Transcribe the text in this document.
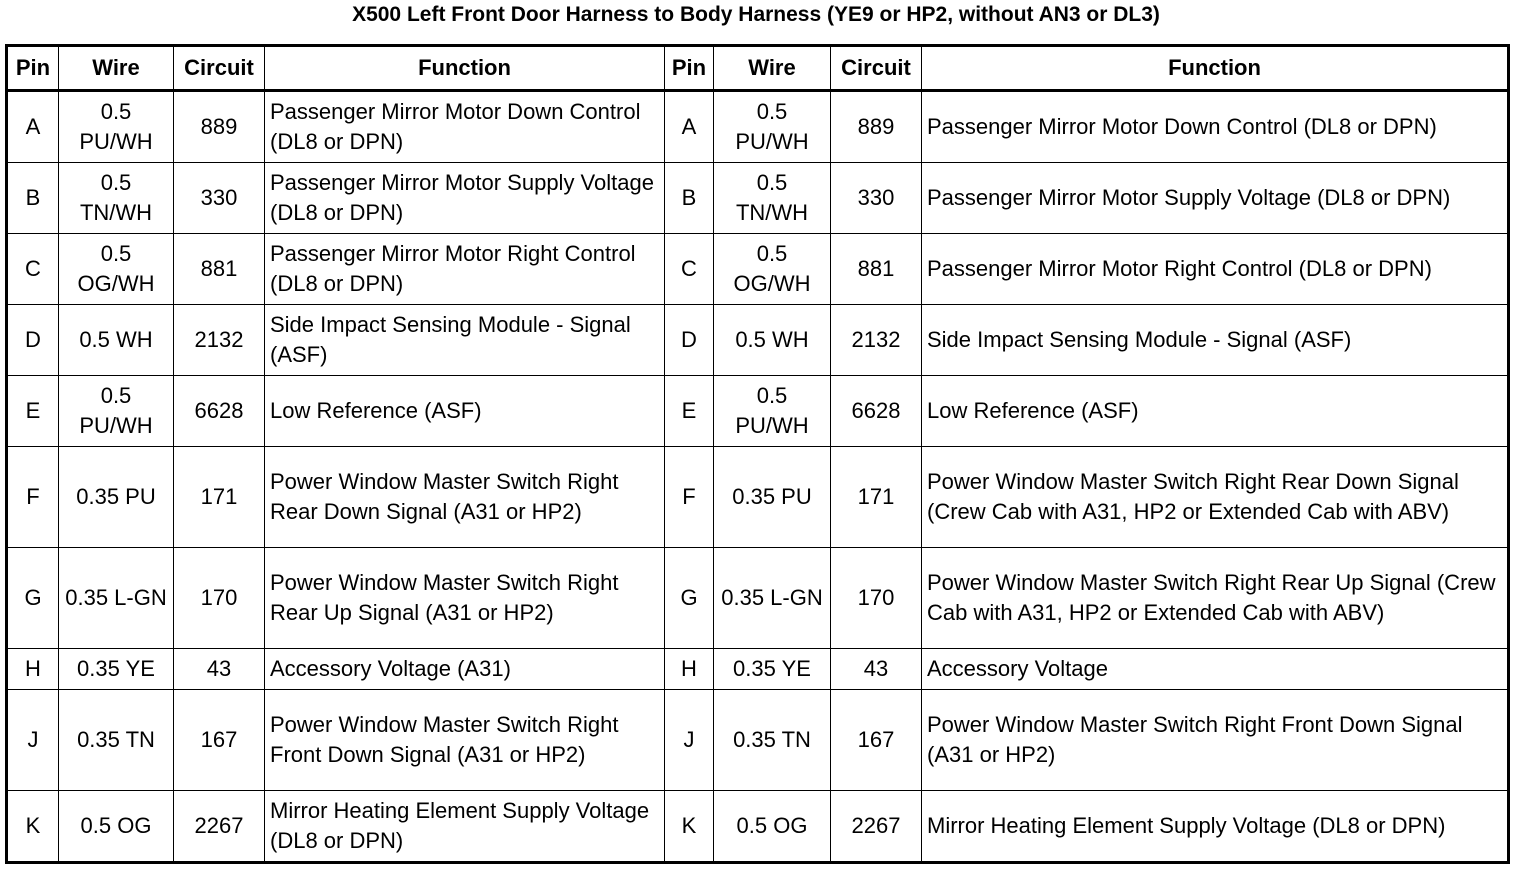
X500 Left Front Door Harness to Body Harness (YE9 or HP2, without AN3 or DL3)
Pin	Wire	Circuit	Function	Pin	Wire	Circuit	Function
A	0.5 PU/WH	889	Passenger Mirror Motor Down Control (DL8 or DPN)	A	0.5 PU/WH	889	Passenger Mirror Motor Down Control (DL8 or DPN)
B	0.5 TN/WH	330	Passenger Mirror Motor Supply Voltage (DL8 or DPN)	B	0.5 TN/WH	330	Passenger Mirror Motor Supply Voltage (DL8 or DPN)
C	0.5 OG/WH	881	Passenger Mirror Motor Right Control (DL8 or DPN)	C	0.5 OG/WH	881	Passenger Mirror Motor Right Control (DL8 or DPN)
D	0.5 WH	2132	Side Impact Sensing Module - Signal (ASF)	D	0.5 WH	2132	Side Impact Sensing Module - Signal (ASF)
E	0.5 PU/WH	6628	Low Reference (ASF)	E	0.5 PU/WH	6628	Low Reference (ASF)
F	0.35 PU	171	Power Window Master Switch Right Rear Down Signal (A31 or HP2)	F	0.35 PU	171	Power Window Master Switch Right Rear Down Signal (Crew Cab with A31, HP2 or Extended Cab with ABV)
G	0.35 L-GN	170	Power Window Master Switch Right Rear Up Signal (A31 or HP2)	G	0.35 L-GN	170	Power Window Master Switch Right Rear Up Signal (Crew Cab with A31, HP2 or Extended Cab with ABV)
H	0.35 YE	43	Accessory Voltage (A31)	H	0.35 YE	43	Accessory Voltage
J	0.35 TN	167	Power Window Master Switch Right Front Down Signal (A31 or HP2)	J	0.35 TN	167	Power Window Master Switch Right Front Down Signal (A31 or HP2)
K	0.5 OG	2267	Mirror Heating Element Supply Voltage (DL8 or DPN)	K	0.5 OG	2267	Mirror Heating Element Supply Voltage (DL8 or DPN)
